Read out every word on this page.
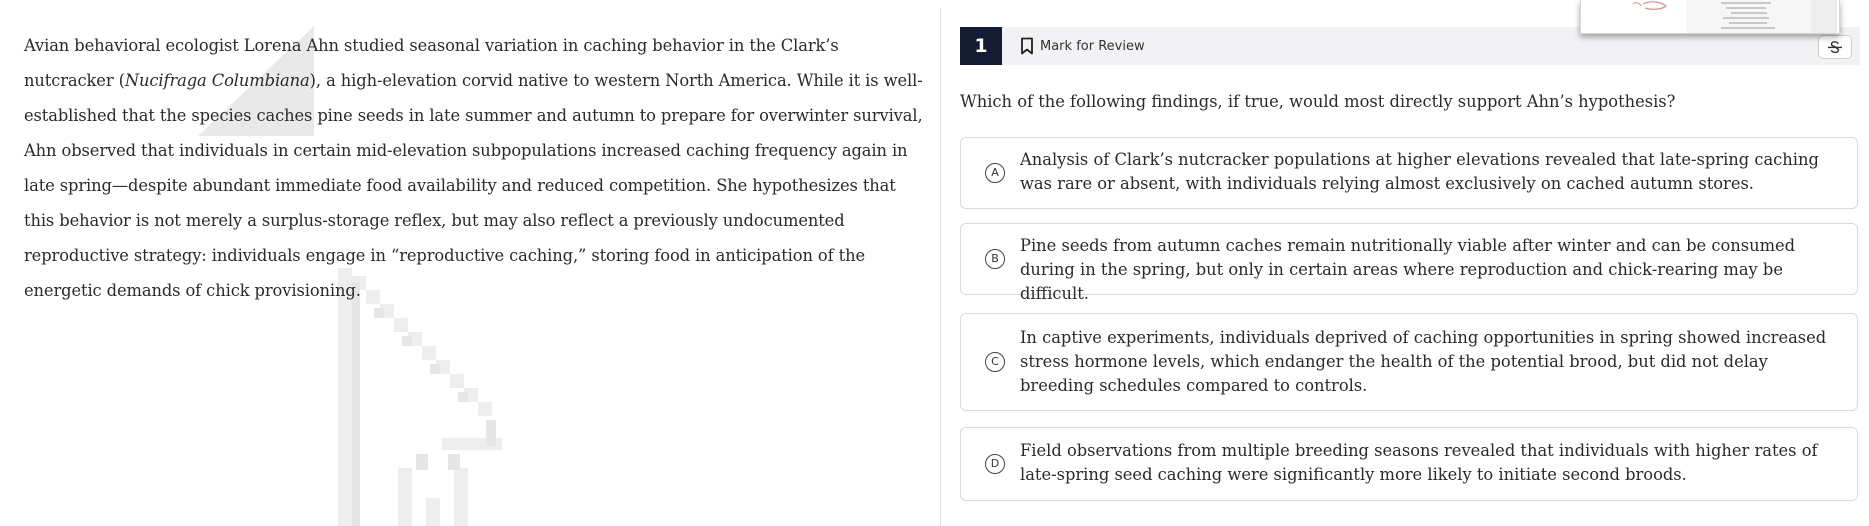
Avian behavioral ecologist Lorena Ahn studied seasonal variation in caching behavior in the Clark’s nutcracker (Nucifraga Columbiana), a high-elevation corvid native to western North America. While it is well-established that the species caches pine seeds in late summer and autumn to prepare for overwinter survival, Ahn observed that individuals in certain mid-elevation subpopulations increased caching frequency again in late spring—despite abundant immediate food availability and reduced competition. She hypothesizes that this behavior is not merely a surplus-storage reflex, but may also reflect a previously undocumented reproductive strategy: individuals engage in “reproductive caching,” storing food in anticipation of the energetic demands of chick provisioning.

1	Mark for Review
Which of the following findings, if true, would most directly support Ahn’s hypothesis?
A
Analysis of Clark’s nutcracker populations at higher elevations revealed that late-spring caching was rare or absent, with individuals relying almost exclusively on cached autumn stores.
B
Pine seeds from autumn caches remain nutritionally viable after winter and can be consumed during in the spring, but only in certain areas where reproduction and chick-rearing may be difficult.
C
In captive experiments, individuals deprived of caching opportunities in spring showed increased stress hormone levels, which endanger the health of the potential brood, but did not delay breeding schedules compared to controls.
D
Field observations from multiple breeding seasons revealed that individuals with higher rates of late-spring seed caching were significantly more likely to initiate second broods.
